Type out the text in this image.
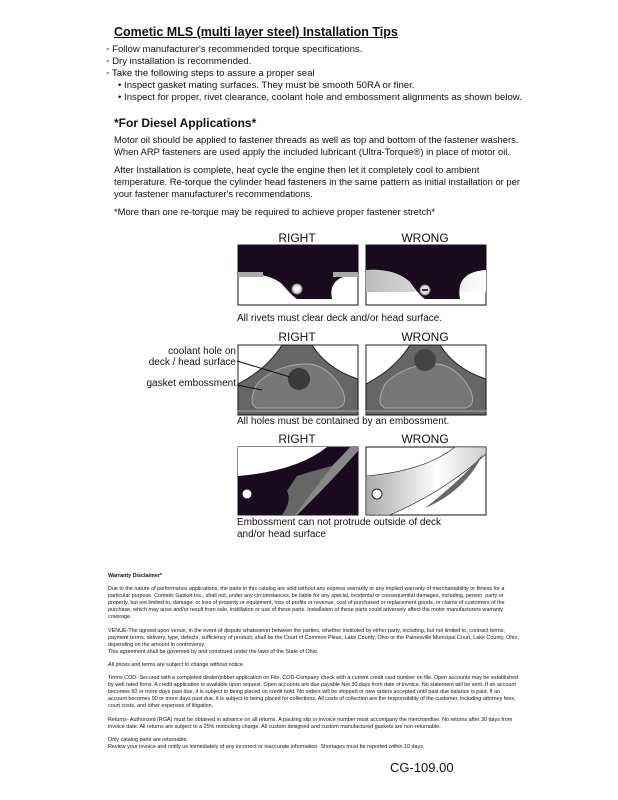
Cometic MLS (multi layer steel) Installation Tips
◦ Follow manufacturer's recommended torque specifications.
◦ Dry installation is recommended.
◦ Take the following steps to assure a proper seal
• Inspect gasket mating surfaces. They must be smooth 50RA or finer.
• Inspect for proper, rivet clearance, coolant hole and embossment alignments as shown below.
*For Diesel Applications*
Motor oil should be applied to fastener threads as well as top and bottom of the fastener washers. When ARP fasteners are used apply the included lubricant (Ultra-Torque®) in place of motor oil.
After Installation is complete, heat cycle the engine then let it completely cool to ambient temperature. Re-torque the cylinder head fasteners in the same pattern as initial installation or per your fastener manufacturer's recommendations.
*More than one re-torque may be required to achieve proper fastener stretch*
RIGHT	WRONG
All rivets must clear deck and/or head surface.
RIGHT	WRONG
coolant hole on
deck / head surface
gasket embossment
All holes must be contained by an embossment.
RIGHT	WRONG
Embossment can not protrude outside of deck
and/or head surface

Warranty Disclaimer*

Due to the nature of performance applications, the parts in this catalog are sold without any express warranty or any implied warranty of merchantability or fitness for a particular purpose. Cometic Gasket Inc., shall not, under any circumstances, be liable for any special, incidental or consequential damages, including, person, party or property, but not limited to, damage, or loss of property or equipment, loss of profits or revenue, cost of purchased or replacement goods, or claims of customers of the purchase, which may arise and/or result from sale, instillation or use of these parts. Installation of these parts could adversely affect the motor manufacturers warranty coverage.

VENUE-The agreed upon venue, in the event of dispute whatsoever between the parties, whether instituted by either party, including, but not limited to, contract terms, payment terms, delivery, type, defects, sufficiency of product, shall be the Court of Common Pleas, Lake County, Ohio or the Painesville Municipal Court, Lake County, Ohio, depending on the amount in controversy.
This agreement shall be governed by and construed under the laws of the State of Ohio.

All prices and terms are subject to change without notice.

Terms COD- Secured with a completed dealer/jobber application on File, COD-Company check with a current credit card number on file. Open accounts may be established by well rated firms. A credit application is available upon request. Open accounts are due payable Net 30 days from date of invoice. No statement will be sent. If an account becomes 60 or more days past due, it is subject to being placed on credit hold. No orders will be shipped or new orders accepted until past due balance is paid. If an account becomes 90 or more days past due, it is subject to being placed for collections. All costs of collection are the responsibility of the customer, including attorney fees, court costs, and other expenses of litigation.

Returns- Authorized (RGA) must be obtained in advance on all returns. A packing slip or invoice number must accompany the merchandise. No returns after 30 days from invoice date. All returns are subject to a 25% restocking charge. All custom designed and custom manufactured gaskets are non-returnable.

Only catalog parts are returnable.
Review your invoice and notify us immediately of any incorrect or inaccurate information. Shortages must be reported within 10 days.

CG-109.00
